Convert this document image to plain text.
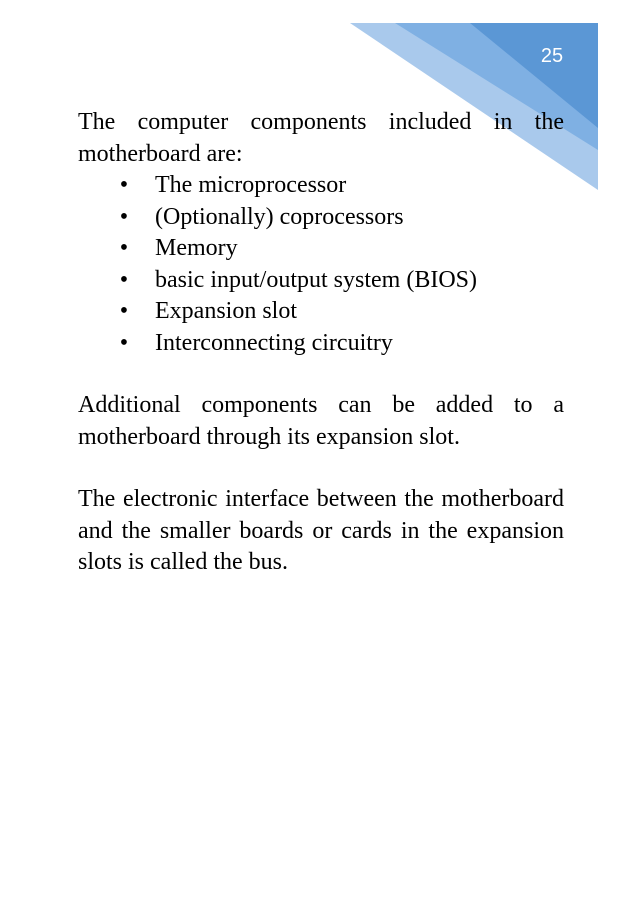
25

The computer components included in the motherboard are:

• The microprocessor
• (Optionally) coprocessors
• Memory
• basic input/output system (BIOS)
• Expansion slot
• Interconnecting circuitry

Additional components can be added to a motherboard through its expansion slot.

The electronic interface between the motherboard and the smaller boards or cards in the expansion slots is called the bus.
